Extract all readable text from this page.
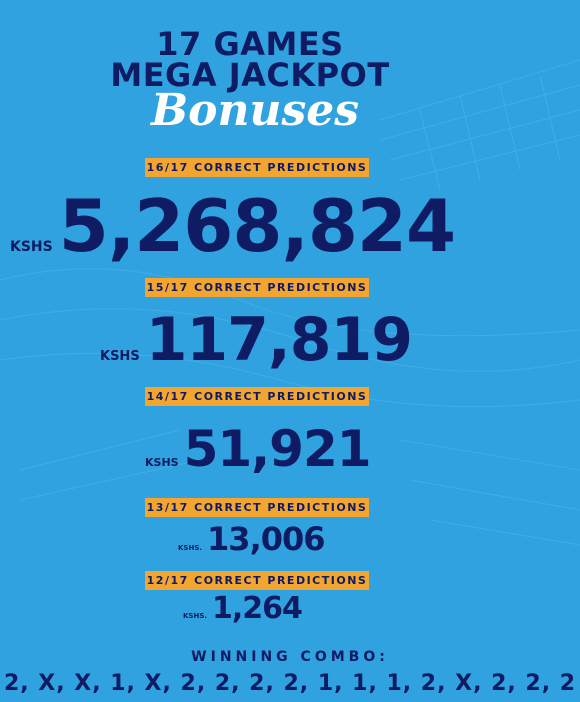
17 GAMES
MEGA JACKPOT
Bonuses
16/17 CORRECT PREDICTIONS
KSHS 5,268,824
15/17 CORRECT PREDICTIONS
KSHS 117,819
14/17 CORRECT PREDICTIONS
KSHS 51,921
13/17 CORRECT PREDICTIONS
KSHS. 13,006
12/17 CORRECT PREDICTIONS
KSHS. 1,264
WINNING COMBO:
2, X, X, 1, X, 2, 2, 2, 2, 1, 1, 1, 2, X, 2, 2, 2
